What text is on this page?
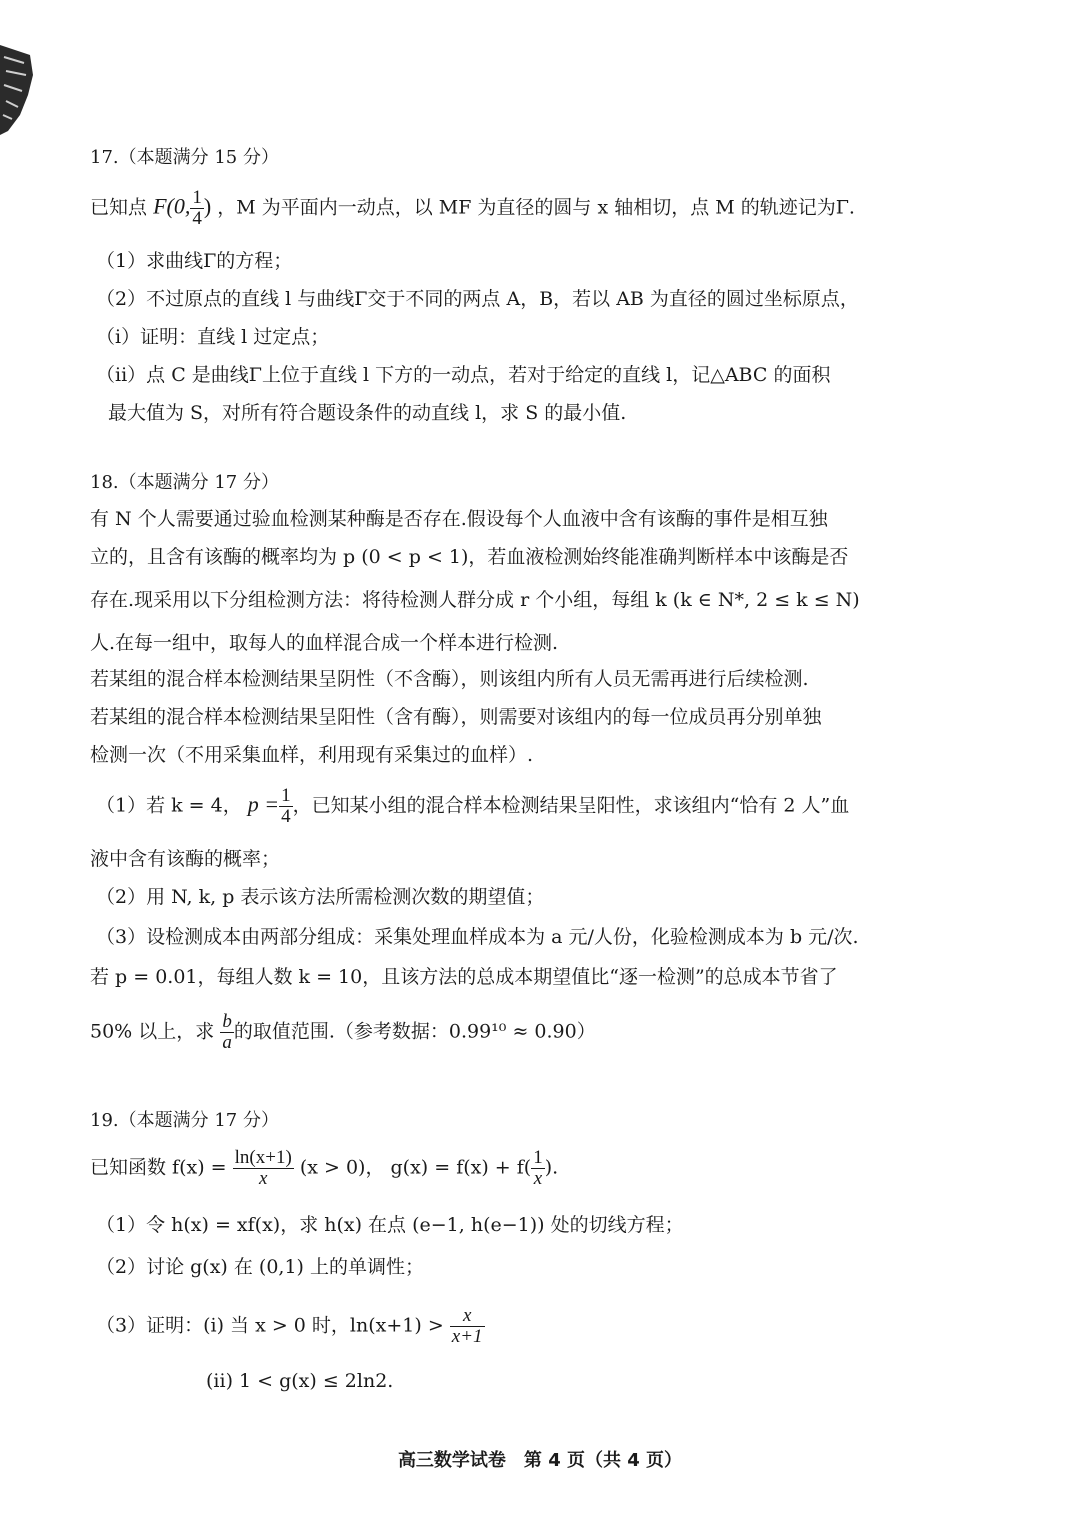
17.（本题满分 15 分）
已知点 F(0, $\frac{1}{4}$ ) ，M 为平面内一动点，以 MF 为直径的圆与 x 轴相切，点 M 的轨迹记为Γ.
（1）求曲线Γ的方程；
（2）不过原点的直线 l 与曲线Γ交于不同的两点 A，B，若以 AB 为直径的圆过坐标原点，
（i）证明：直线 l 过定点；
（ii）点 C 是曲线Γ上位于直线 l 下方的一动点，若对于给定的直线 l，记△ABC 的面积
最大值为 S，对所有符合题设条件的动直线 l，求 S 的最小值.
18.（本题满分 17 分）
有 N 个人需要通过验血检测某种酶是否存在.假设每个人血液中含有该酶的事件是相互独
立的，且含有该酶的概率均为 p (0 < p < 1)，若血液检测始终能准确判断样本中该酶是否
存在.现采用以下分组检测方法：将待检测人群分成 r 个小组，每组 k (k ∈ N*, 2 ≤ k ≤ N)
人.在每一组中，取每人的血样混合成一个样本进行检测.
若某组的混合样本检测结果呈阴性（不含酶），则该组内所有人员无需再进行后续检测.
若某组的混合样本检测结果呈阳性（含有酶），则需要对该组内的每一位成员再分别单独
检测一次（不用采集血样，利用现有采集过的血样）.
（1）若 k = 4， $p = \frac{1}{4}$ ，已知某小组的混合样本检测结果呈阳性，求该组内“恰有 2 人”血
液中含有该酶的概率；
（2）用 N, k, p 表示该方法所需检测次数的期望值；
（3）设检测成本由两部分组成：采集处理血样成本为 a 元/人份，化验检测成本为 b 元/次.
若 p = 0.01，每组人数 k = 10，且该方法的总成本期望值比“逐一检测”的总成本节省了
50% 以上，求 $\frac{b}{a}$ 的取值范围.（参考数据：0.99¹⁰ ≈ 0.90）
19.（本题满分 17 分）
已知函数 $f(x) = \frac{\ln(x+1)}{x} (x > 0)$， $g(x) = f(x) + f( \frac{1}{x}$ ).
（1）令 h(x) = xf(x)，求 h(x) 在点 (e−1, h(e−1)) 处的切线方程；
（2）讨论 g(x) 在 (0,1) 上的单调性；
（3）证明：(i) 当 x > 0 时，$\ln(x+1) > \frac{x}{x+1}$
(ii) 1 < g(x) ≤ 2ln2.
高三数学试卷　第 4 页（共 4 页）
